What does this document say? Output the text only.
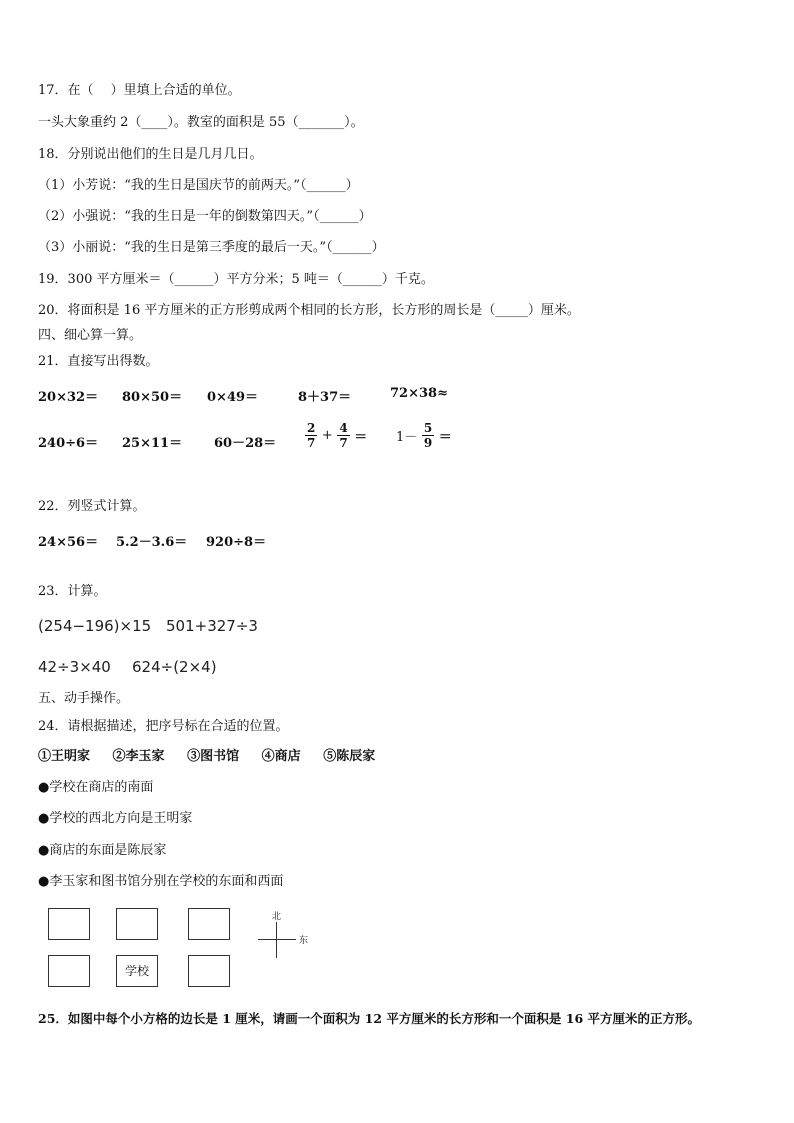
17．在（　 ）里填上合适的单位。
一头大象重约 2（____）。教室的面积是 55（_______）。
18．分别说出他们的生日是几月几日。
（1）小芳说：“我的生日是国庆节的前两天。”（______）
（2）小强说：“我的生日是一年的倒数第四天。”（______）
（3）小丽说：“我的生日是第三季度的最后一天。”（______）
19．300 平方厘米＝（______）平方分米；5 吨＝（______）千克。
20．将面积是 16 平方厘米的正方形剪成两个相同的长方形，长方形的周长是（_____）厘米。
四、细心算一算。
21．直接写出得数。
20×32＝ 80×50＝ 0×49＝	8＋37＝	72×38≈
$240\div 6= 25\times 11= 60-28= \frac{2}{7} + \frac{4}{7} = 1- \frac{5}{9}$ ＝
22．列竖式计算。
24×56＝ 5.2－3.6＝ 920÷8＝
23．计算。
(254−196)×15 501+327÷3
42÷3×40 624÷(2×4)
五、动手操作。
24．请根据描述，把序号标在合适的位置。
①王明家 ②李玉家 ③图书馆 ④商店 ⑤陈辰家
●学校在商店的南面
●学校的西北方向是王明家
●商店的东面是陈辰家
●李玉家和图书馆分别在学校的东面和西面
学校
北
东
25．如图中每个小方格的边长是 1 厘米，请画一个面积为 12 平方厘米的长方形和一个面积是 16 平方厘米的正方形。
